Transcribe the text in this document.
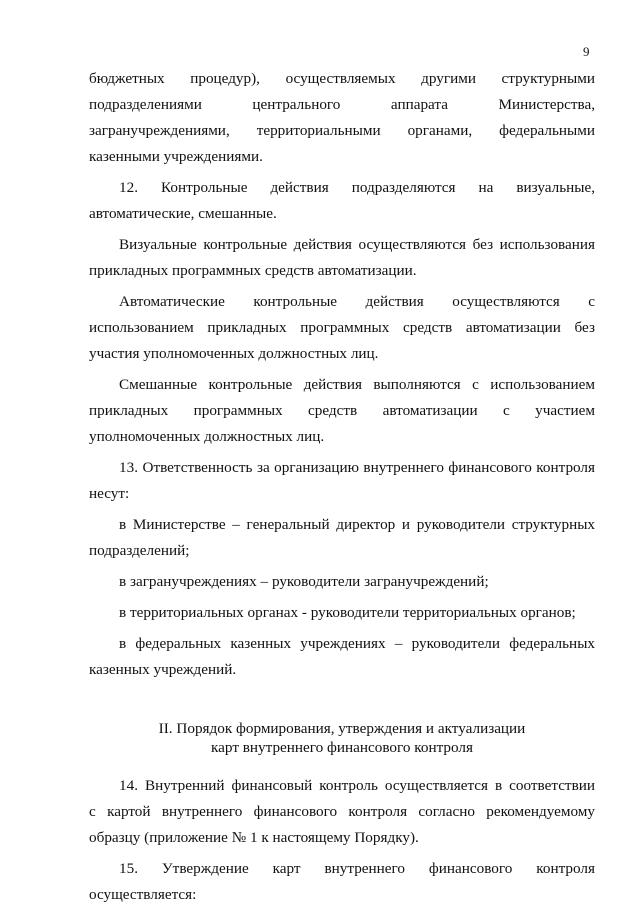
9

бюджетных процедур), осуществляемых другими структурными
подразделениями центрального аппарата Министерства,
загранучреждениями, территориальными органами, федеральными
казенными учреждениями.

12. Контрольные действия подразделяются на визуальные,
автоматические, смешанные.

Визуальные контрольные действия осуществляются без использования
прикладных программных средств автоматизации.

Автоматические контрольные действия осуществляются с
использованием прикладных программных средств автоматизации без
участия уполномоченных должностных лиц.

Смешанные контрольные действия выполняются с использованием
прикладных программных средств автоматизации с участием
уполномоченных должностных лиц.

13. Ответственность за организацию внутреннего финансового контроля
несут:

в Министерстве – генеральный директор и руководители структурных
подразделений;

в загранучреждениях – руководители загранучреждений;

в территориальных органах - руководители территориальных органов;

в федеральных казенных учреждениях – руководители федеральных
казенных учреждений.

II. Порядок формирования, утверждения и актуализации
карт внутреннего финансового контроля

14. Внутренний финансовый контроль осуществляется в соответствии
с картой внутреннего финансового контроля согласно рекомендуемому
образцу (приложение № 1 к настоящему Порядку).

15. Утверждение карт внутреннего финансового контроля
осуществляется:
